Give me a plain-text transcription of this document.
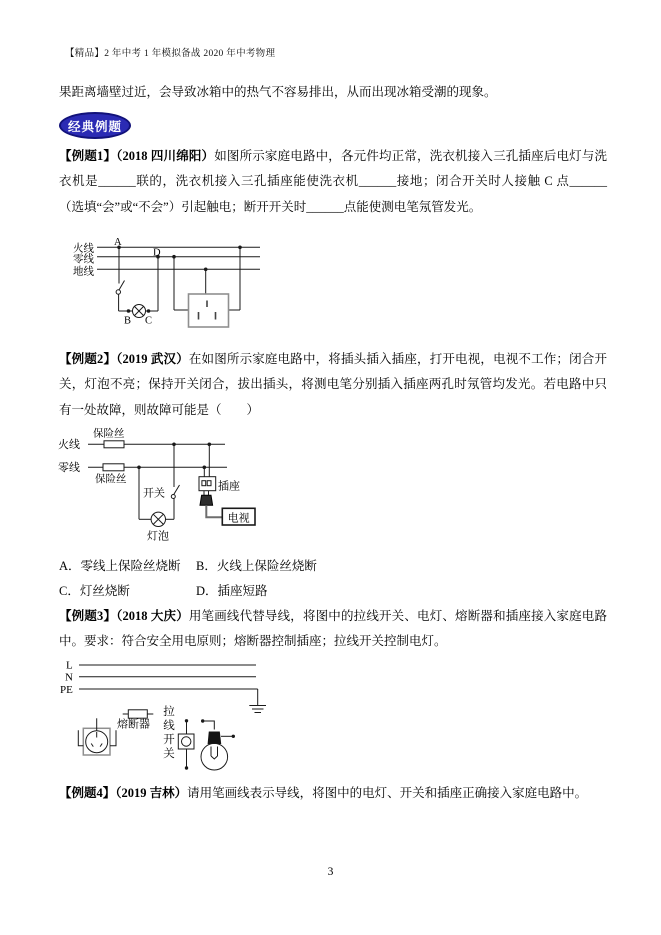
【精品】2 年中考 1 年模拟备战 2020 年中考物理
果距离墙壁过近，会导致冰箱中的热气不容易排出，从而出现冰箱受潮的现象。
经典例题
【例题1】（2018 四川绵阳）如图所示家庭电路中，各元件均正常，洗衣机接入三孔插座后电灯与洗衣机是______联的，洗衣机接入三孔插座能使洗衣机______接地；闭合开关时人接触 C 点______（选填“会”或“不会”）引起触电；断开开关时______点能使测电笔氖管发光。
火线
零线
地线
A
D
B C
【例题2】（2019 武汉）在如图所示家庭电路中，将插头插入插座，打开电视，电视不工作；闭合开关，灯泡不亮；保持开关闭合，拔出插头，将测电笔分别插入插座两孔时氖管均发光。若电路中只有一处故障，则故障可能是（　　）
电视
火线
零线
保险丝
保险丝
开关
灯泡
插座
A．零线上保险丝烧断 B．火线上保险丝烧断
C．灯丝烧断	D．插座短路
【例题3】（2018 大庆）用笔画线代替导线，将图中的拉线开关、电灯、熔断器和插座接入家庭电路中。要求：符合安全用电原则；熔断器控制插座；拉线开关控制电灯。
L
N
PE
熔断器 拉线开关
【例题4】（2019 吉林）请用笔画线表示导线，将图中的电灯、开关和插座正确接入家庭电路中。
3
